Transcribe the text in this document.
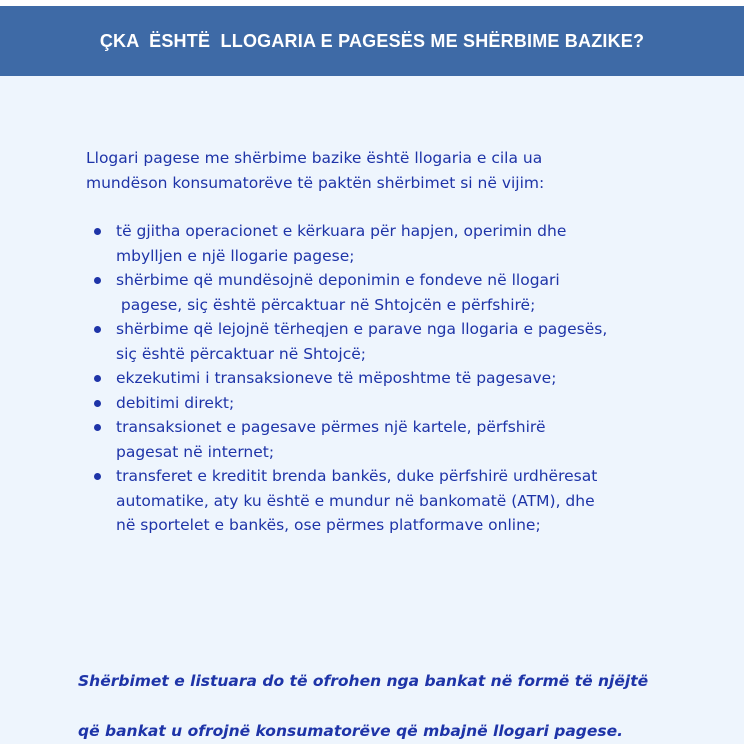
ÇKA  ËSHTË  LLOGARIA E PAGESËS ME SHËRBIME BAZIKE?

Llogari pagese me shërbime bazike është llogaria e cila ua
mundëson konsumatorëve të paktën shërbimet si në vijim:

të gjitha operacionet e kërkuara për hapjen, operimin dhe
mbylljen e një llogarie pagese;
shërbime që mundësojnë deponimin e fondeve në llogari
pagese, siç është përcaktuar në Shtojcën e përfshirë;
shërbime që lejojnë tërheqjen e parave nga llogaria e pagesës,
siç është përcaktuar në Shtojcë;
ekzekutimi i transaksioneve të mëposhtme të pagesave;
debitimi direkt;
transaksionet e pagesave përmes një kartele, përfshirë
pagesat në internet;
transferet e kreditit brenda bankës, duke përfshirë urdhëresat
automatike, aty ku është e mundur në bankomatë (ATM), dhe
në sportelet e bankës, ose përmes platformave online;

Shërbimet e listuara do të ofrohen nga bankat në formë të njëjtë

që bankat u ofrojnë konsumatorëve që mbajnë llogari pagese.
